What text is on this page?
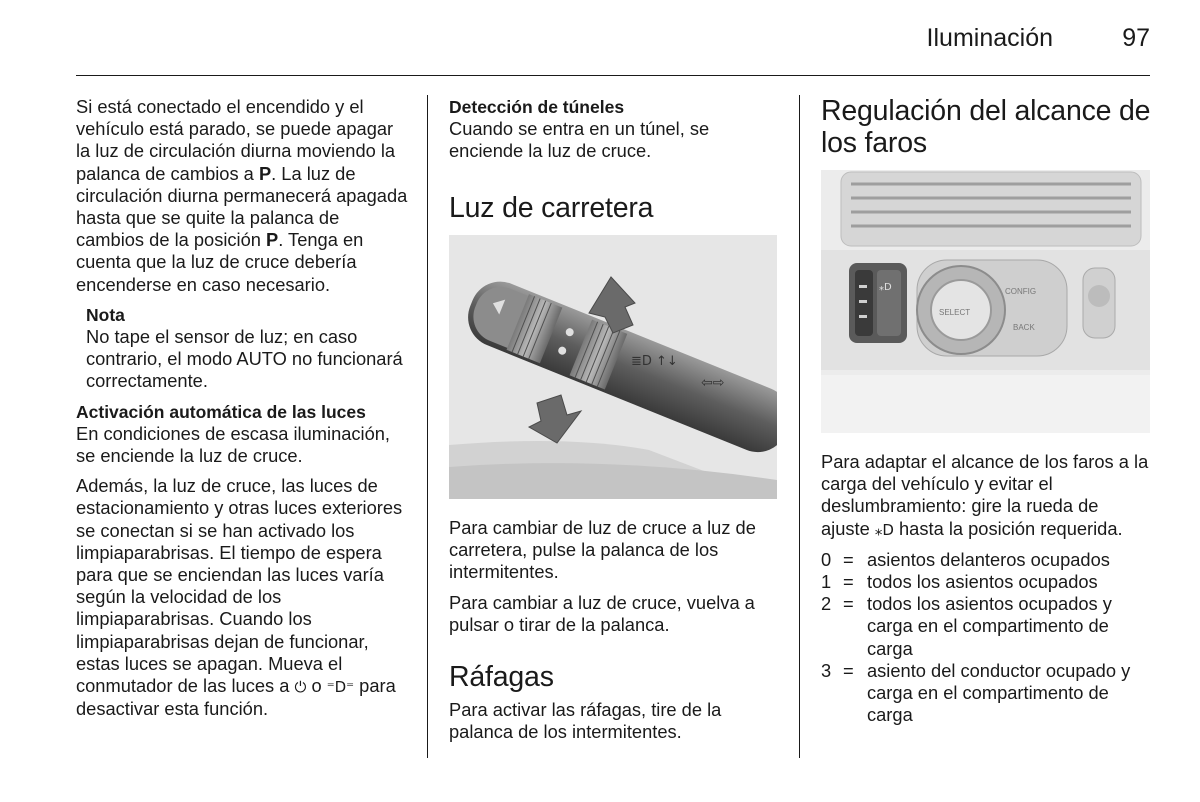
Iluminación	97

Si está conectado el encendido y el vehículo está parado, se puede apagar la luz de circulación diurna moviendo la palanca de cambios a P. La luz de circulación diurna permanecerá apagada hasta que se quite la palanca de cambios de la posición P. Tenga en cuenta que la luz de cruce debería encenderse en caso necesario.

Nota

No tape el sensor de luz; en caso contrario, el modo AUTO no funcionará correctamente.

Activación automática de las luces

En condiciones de escasa iluminación, se enciende la luz de cruce.

Además, la luz de cruce, las luces de estacionamiento y otras luces exteriores se conectan si se han activado los limpiaparabrisas. El tiempo de espera para que se enciendan las luces varía según la velocidad de los limpiaparabrisas. Cuando los limpiaparabrisas dejan de funcionar, estas luces se apagan. Mueva el conmutador de las luces a ⏻ o ⁼D⁼ para desactivar esta función.

Detección de túneles

Cuando se entra en un túnel, se enciende la luz de cruce.

Luz de carretera
≣D ↑↓
⇦⇨

Para cambiar de luz de cruce a luz de carretera, pulse la palanca de los intermitentes.

Para cambiar a luz de cruce, vuelva a pulsar o tirar de la palanca.

Ráfagas

Para activar las ráfagas, tire de la palanca de los intermitentes.

Regulación del alcance de los faros
⁎D
SELECT
CONFIG
BACK

Para adaptar el alcance de los faros a la carga del vehículo y evitar el deslumbramiento: gire la rueda de ajuste ⁎D hasta la posición requerida.

0 = asientos delanteros ocupados
1 = todos los asientos ocupados
2 = todos los asientos ocupados y carga en el compartimento de carga
3 = asiento del conductor ocupado y carga en el compartimento de carga
